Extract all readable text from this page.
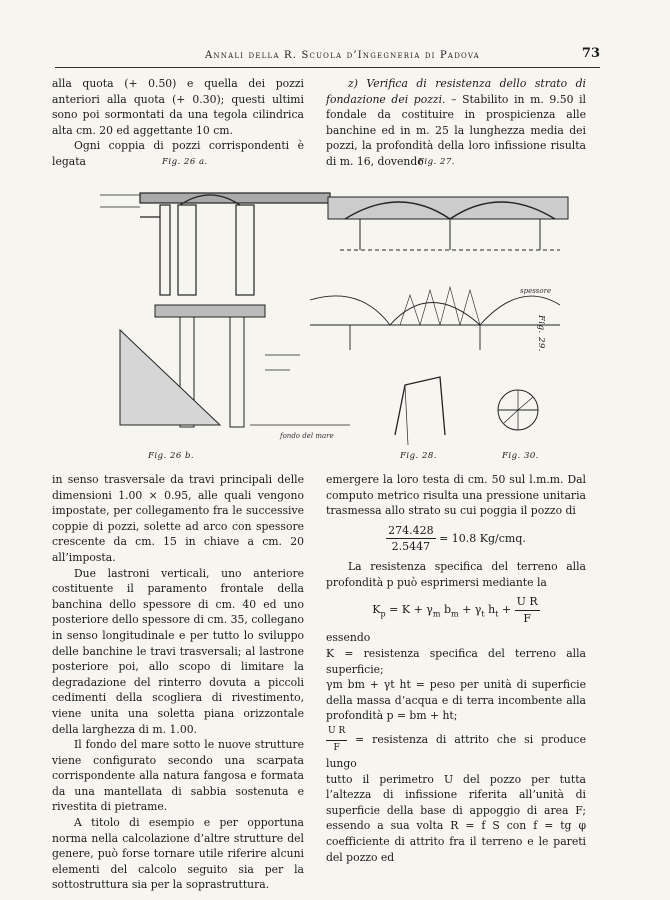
Annali della R. Scuola d’Ingegneria di Padova	73

alla quota (+ 0.50) e quella dei pozzi anteriori alla quota (+ 0.30); questi ultimi sono poi sormontati da una tegola cilindrica alta cm. 20 ed aggettante 10 cm.

Ogni coppia di pozzi corrispondenti è legata

z) Verifica di resistenza dello strato di fondazione dei pozzi. – Stabilito in m. 9.50 il fondale da costituire in prospicienza alle banchine ed in m. 25 la lunghezza media dei pozzi, la profondità della loro infissione risulta di m. 16, dovendo

Fig. 26 a.	Fig. 27.
Fig. 26 b.	Fig. 28.	Fig. 30.
Fig. 29.
fondo del mare
spessore

in senso trasversale da travi principali delle dimensioni 1.00 × 0.95, alle quali vengono impostate, per collegamento fra le successive coppie di pozzi, solette ad arco con spessore crescente da cm. 15 in chiave a cm. 20 all’imposta.

Due lastroni verticali, uno anteriore costituente il paramento frontale della banchina dello spessore di cm. 40 ed uno posteriore dello spessore di cm. 35, collegano in senso longitudinale e per tutto lo sviluppo delle banchine le travi trasversali; al lastrone posteriore poi, allo scopo di limitare la degradazione del rinterro dovuta a piccoli cedimenti della scogliera di rivestimento, viene unita una soletta piana orizzontale della larghezza di m. 1.00.

Il fondo del mare sotto le nuove strutture viene configurato secondo una scarpata corrispondente alla natura fangosa e formata da una mantellata di sabbia sostenuta e rivestita di pietrame.

A titolo di esempio e per opportuna norma nella calcolazione d’altre strutture del genere, può forse tornare utile riferire alcuni elementi del calcolo seguito sia per la sottostruttura sia per la soprastruttura.

emergere la loro testa di cm. 50 sul l.m.m. Dal computo metrico risulta una pressione unitaria trasmessa allo strato su cui poggia il pozzo di

$\frac{274.428}{2.5447} = 10.8$ Kg/cmq.

La resistenza specifica del terreno alla profondità p può esprimersi mediante la

$K_p = K + \gamma_m$ $b_m + \gamma_t$ $h_t + \frac{\text{U R}}{F}$

essendo

K = resistenza specifica del terreno alla superficie;

γm bm + γt ht = peso per unità di superficie della massa d’acqua e di terra incombente alla profondità p = bm + ht;

$\frac{\text{U R}}{F}$ = resistenza di attrito che si produce lungo

tutto il perimetro U del pozzo per tutta l’altezza di infissione riferita all’unità di superficie della base di appoggio di area F; essendo a sua volta R = f S con f = tg φ coefficiente di attrito fra il terreno e le pareti del pozzo ed
